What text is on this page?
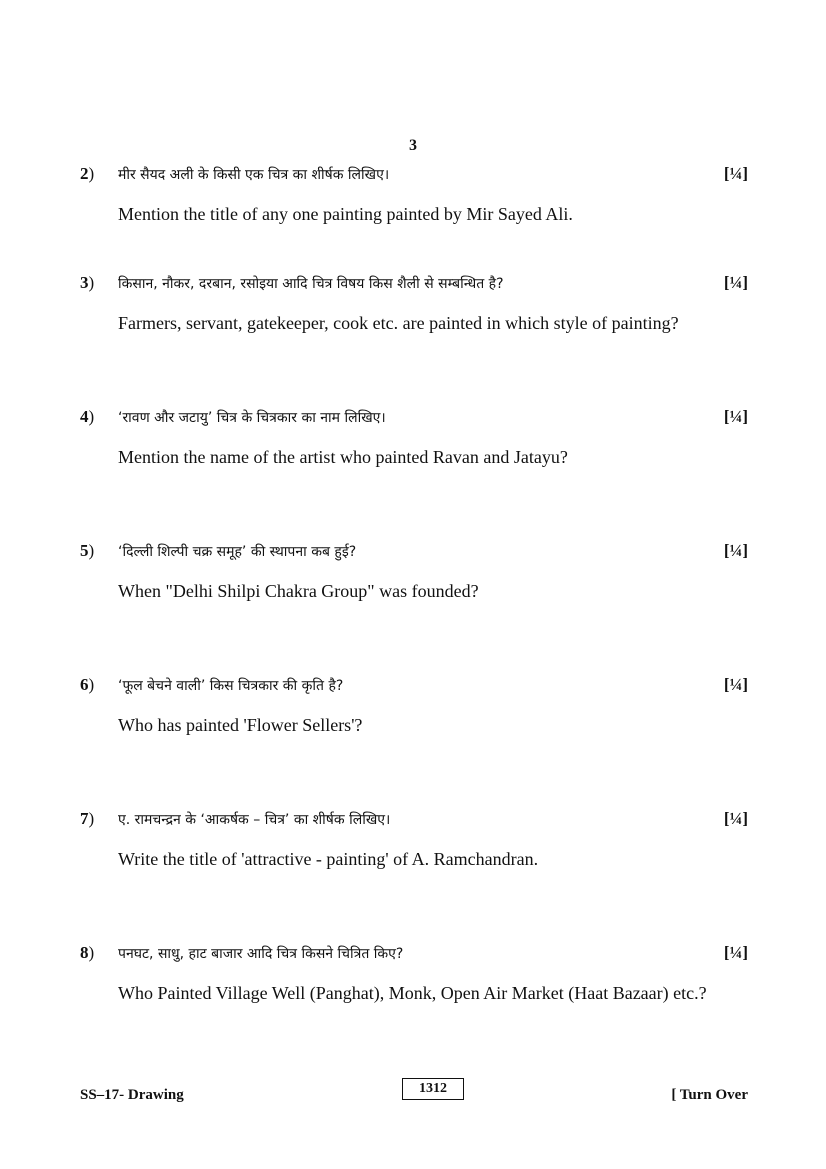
3
2) मीर सैयद अली के किसी एक चित्र का शीर्षक लिखिए।	[¼]
Mention the title of any one painting painted by Mir Sayed Ali.
3) किसान, नौकर, दरबान, रसोइया आदि चित्र विषय किस शैली से सम्बन्धित है?	[¼]
Farmers, servant, gatekeeper, cook etc. are painted in which style of painting?
4) ‘रावण और जटायु’ चित्र के चित्रकार का नाम लिखिए।	[¼]
Mention the name of the artist who painted Ravan and Jatayu?
5) ‘दिल्ली शिल्पी चक्र समूह’ की स्थापना कब हुई?	[¼]
When "Delhi Shilpi Chakra Group" was founded?
6) ‘फूल बेचने वाली’ किस चित्रकार की कृति है?	[¼]
Who has painted 'Flower Sellers'?
7) ए. रामचन्द्रन के ‘आकर्षक – चित्र’ का शीर्षक लिखिए।	[¼]
Write the title of 'attractive - painting' of A. Ramchandran.
8) पनघट, साधु, हाट बाजार आदि चित्र किसने चित्रित किए?	[¼]
Who Painted Village Well (Panghat), Monk, Open Air Market (Haat Bazaar) etc.?
SS–17- Drawing	1312	[ Turn Over
